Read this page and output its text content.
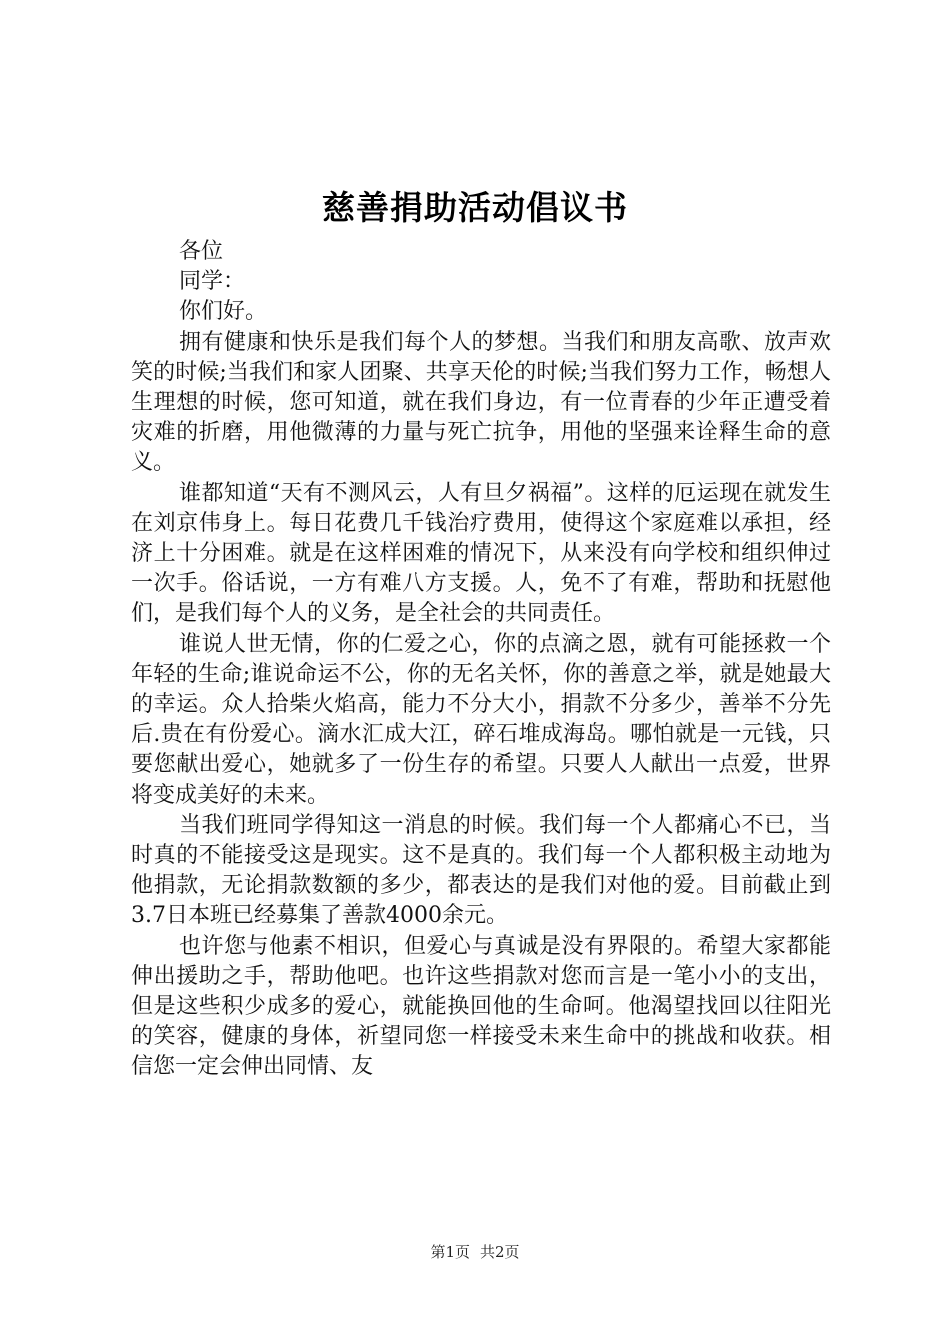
慈善捐助活动倡议书

各位

同学：

你们好。

拥有健康和快乐是我们每个人的梦想。当我们和朋友高歌、放声欢笑的时候;当我们和家人团聚、共享天伦的时候;当我们努力工作，畅想人生理想的时候，您可知道，就在我们身边，有一位青春的少年正遭受着灾难的折磨，用他微薄的力量与死亡抗争，用他的坚强来诠释生命的意义。

谁都知道“天有不测风云，人有旦夕祸福”。这样的厄运现在就发生在刘京伟身上。每日花费几千钱治疗费用，使得这个家庭难以承担，经济上十分困难。就是在这样困难的情况下，从来没有向学校和组织伸过一次手。俗话说，一方有难八方支援。人，免不了有难，帮助和抚慰他们，是我们每个人的义务，是全社会的共同责任。

谁说人世无情，你的仁爱之心，你的点滴之恩，就有可能拯救一个年轻的生命;谁说命运不公，你的无名关怀，你的善意之举，就是她最大的幸运。众人拾柴火焰高，能力不分大小，捐款不分多少，善举不分先后.贵在有份爱心。滴水汇成大江，碎石堆成海岛。哪怕就是一元钱，只要您献出爱心，她就多了一份生存的希望。只要人人献出一点爱，世界将变成美好的未来。

当我们班同学得知这一消息的时候。我们每一个人都痛心不已，当时真的不能接受这是现实。这不是真的。我们每一个人都积极主动地为他捐款，无论捐款数额的多少，都表达的是我们对他的爱。目前截止到3.7日本班已经募集了善款4000余元。

也许您与他素不相识，但爱心与真诚是没有界限的。希望大家都能伸出援助之手，帮助他吧。也许这些捐款对您而言是一笔小小的支出，但是这些积少成多的爱心，就能换回他的生命呵。他渴望找回以往阳光的笑容，健康的身体，祈望同您一样接受未来生命中的挑战和收获。相信您一定会伸出同情、友

第1页 共2页
